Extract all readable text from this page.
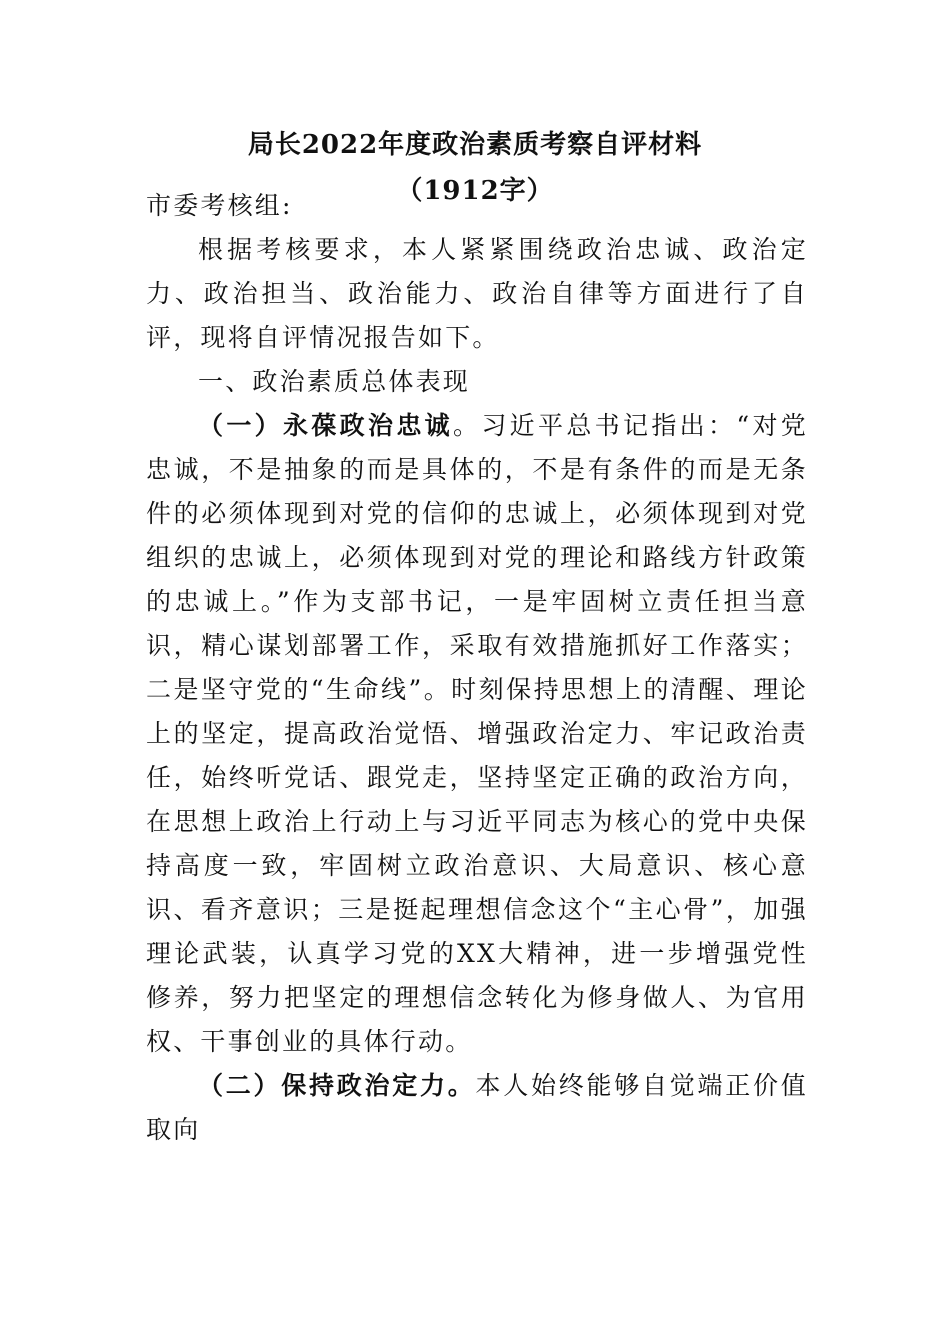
局长2022年度政治素质考察自评材料
（1912字）

市委考核组:

根据考核要求，本人紧紧围绕政治忠诚、政治定力、政治担当、政治能力、政治自律等方面进行了自评，现将自评情况报告如下。

一、政治素质总体表现

（一）永葆政治忠诚。习近平总书记指出：“对党忠诚，不是抽象的而是具体的，不是有条件的而是无条件的必须体现到对党的信仰的忠诚上，必须体现到对党组织的忠诚上，必须体现到对党的理论和路线方针政策的忠诚上。”作为支部书记，一是牢固树立责任担当意识，精心谋划部署工作，采取有效措施抓好工作落实；二是坚守党的“生命线”。时刻保持思想上的清醒、理论上的坚定，提高政治觉悟、增强政治定力、牢记政治责任，始终听党话、跟党走，坚持坚定正确的政治方向，在思想上政治上行动上与习近平同志为核心的党中央保持高度一致，牢固树立政治意识、大局意识、核心意识、看齐意识；三是挺起理想信念这个“主心骨”，加强理论武装，认真学习党的XX大精神，进一步增强党性修养，努力把坚定的理想信念转化为修身做人、为官用权、干事创业的具体行动。

（二）保持政治定力。本人始终能够自觉端正价值取向
